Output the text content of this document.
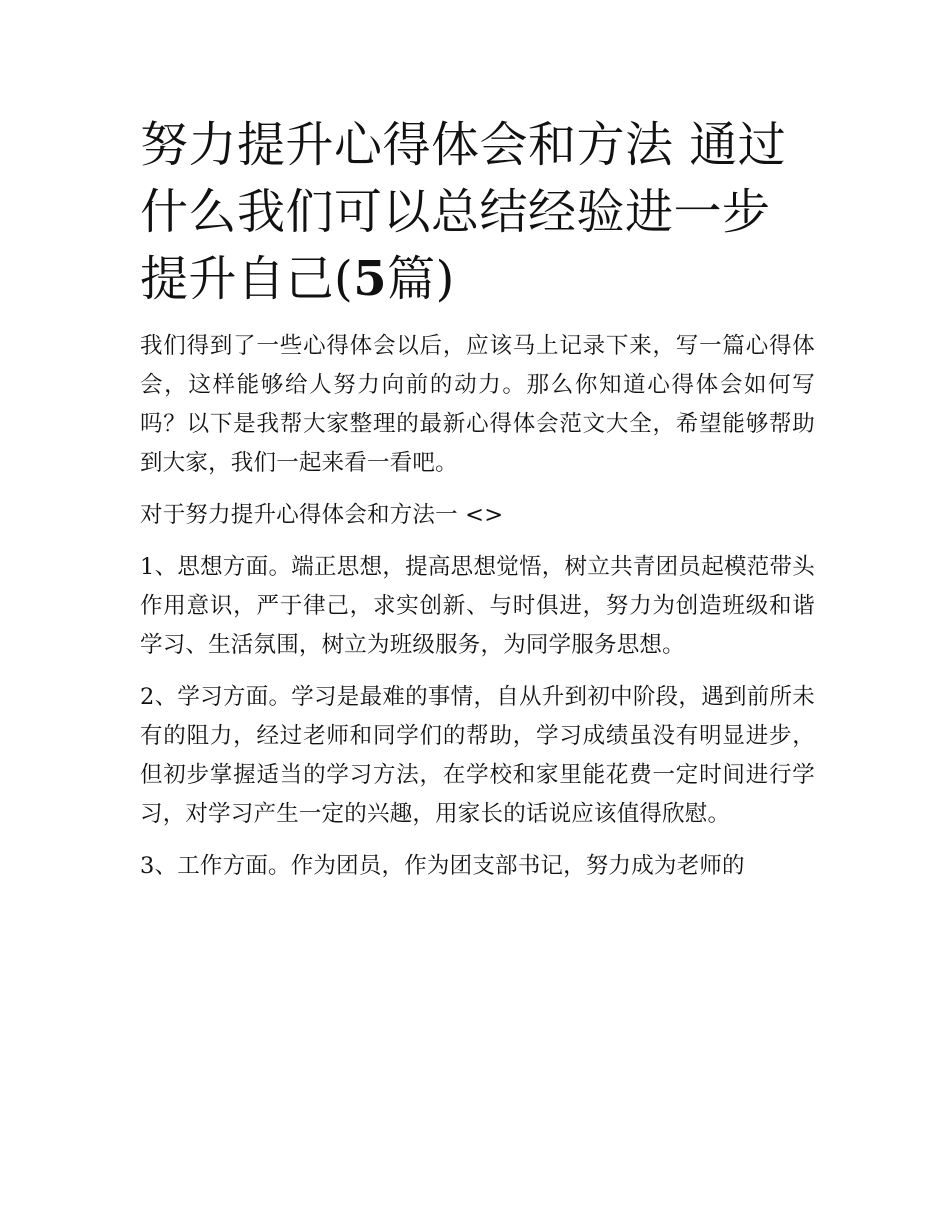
努力提升心得体会和方法 通过什么我们可以总结经验进一步提升自己(5篇)

我们得到了一些心得体会以后，应该马上记录下来，写一篇心得体会，这样能够给人努力向前的动力。那么你知道心得体会如何写吗？以下是我帮大家整理的最新心得体会范文大全，希望能够帮助到大家，我们一起来看一看吧。

对于努力提升心得体会和方法一 <>

1、思想方面。端正思想，提高思想觉悟，树立共青团员起模范带头作用意识，严于律己，求实创新、与时俱进，努力为创造班级和谐学习、生活氛围，树立为班级服务，为同学服务思想。

2、学习方面。学习是最难的事情，自从升到初中阶段，遇到前所未有的阻力，经过老师和同学们的帮助，学习成绩虽没有明显进步，但初步掌握适当的学习方法，在学校和家里能花费一定时间进行学习，对学习产生一定的兴趣，用家长的话说应该值得欣慰。

3、工作方面。作为团员，作为团支部书记，努力成为老师的
